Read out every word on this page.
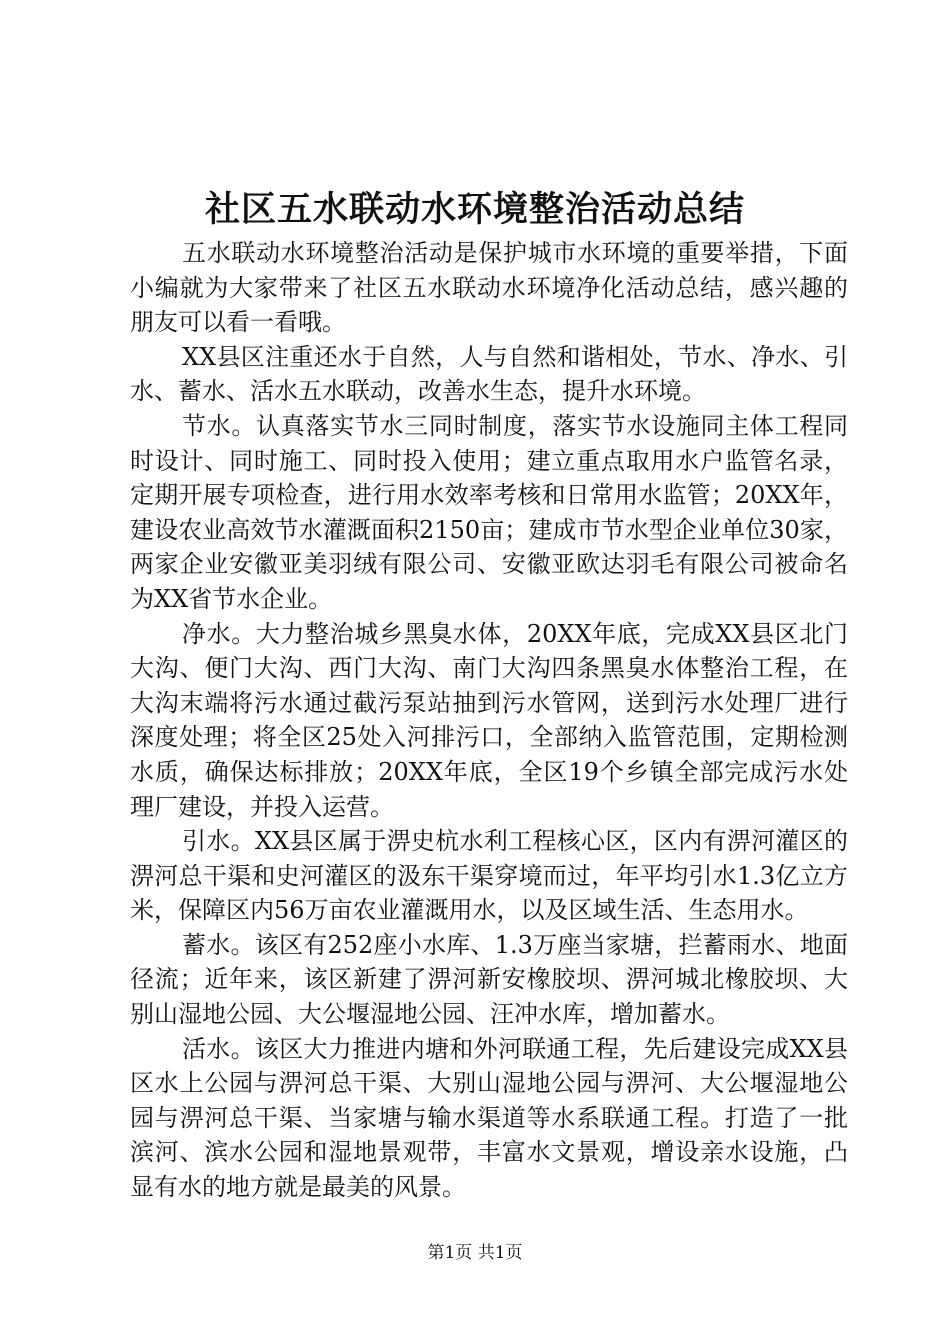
社区五水联动水环境整治活动总结

五水联动水环境整治活动是保护城市水环境的重要举措，下面小编就为大家带来了社区五水联动水环境净化活动总结，感兴趣的朋友可以看一看哦。

XX县区注重还水于自然，人与自然和谐相处，节水、净水、引水、蓄水、活水五水联动，改善水生态，提升水环境。

节水。认真落实节水三同时制度，落实节水设施同主体工程同时设计、同时施工、同时投入使用；建立重点取用水户监管名录，定期开展专项检查，进行用水效率考核和日常用水监管；20XX年，建设农业高效节水灌溉面积2150亩；建成市节水型企业单位30家，两家企业安徽亚美羽绒有限公司、安徽亚欧达羽毛有限公司被命名为XX省节水企业。

净水。大力整治城乡黑臭水体，20XX年底，完成XX县区北门大沟、便门大沟、西门大沟、南门大沟四条黑臭水体整治工程，在大沟末端将污水通过截污泵站抽到污水管网，送到污水处理厂进行深度处理；将全区25处入河排污口，全部纳入监管范围，定期检测水质，确保达标排放；20XX年底，全区19个乡镇全部完成污水处理厂建设，并投入运营。

引水。XX县区属于淠史杭水利工程核心区，区内有淠河灌区的淠河总干渠和史河灌区的汲东干渠穿境而过，年平均引水1.3亿立方米，保障区内56万亩农业灌溉用水，以及区域生活、生态用水。

蓄水。该区有252座小水库、1.3万座当家塘，拦蓄雨水、地面径流；近年来，该区新建了淠河新安橡胶坝、淠河城北橡胶坝、大别山湿地公园、大公堰湿地公园、汪冲水库，增加蓄水。

活水。该区大力推进内塘和外河联通工程，先后建设完成XX县区水上公园与淠河总干渠、大别山湿地公园与淠河、大公堰湿地公园与淠河总干渠、当家塘与输水渠道等水系联通工程。打造了一批滨河、滨水公园和湿地景观带，丰富水文景观，增设亲水设施，凸显有水的地方就是最美的风景。

第1页 共1页
